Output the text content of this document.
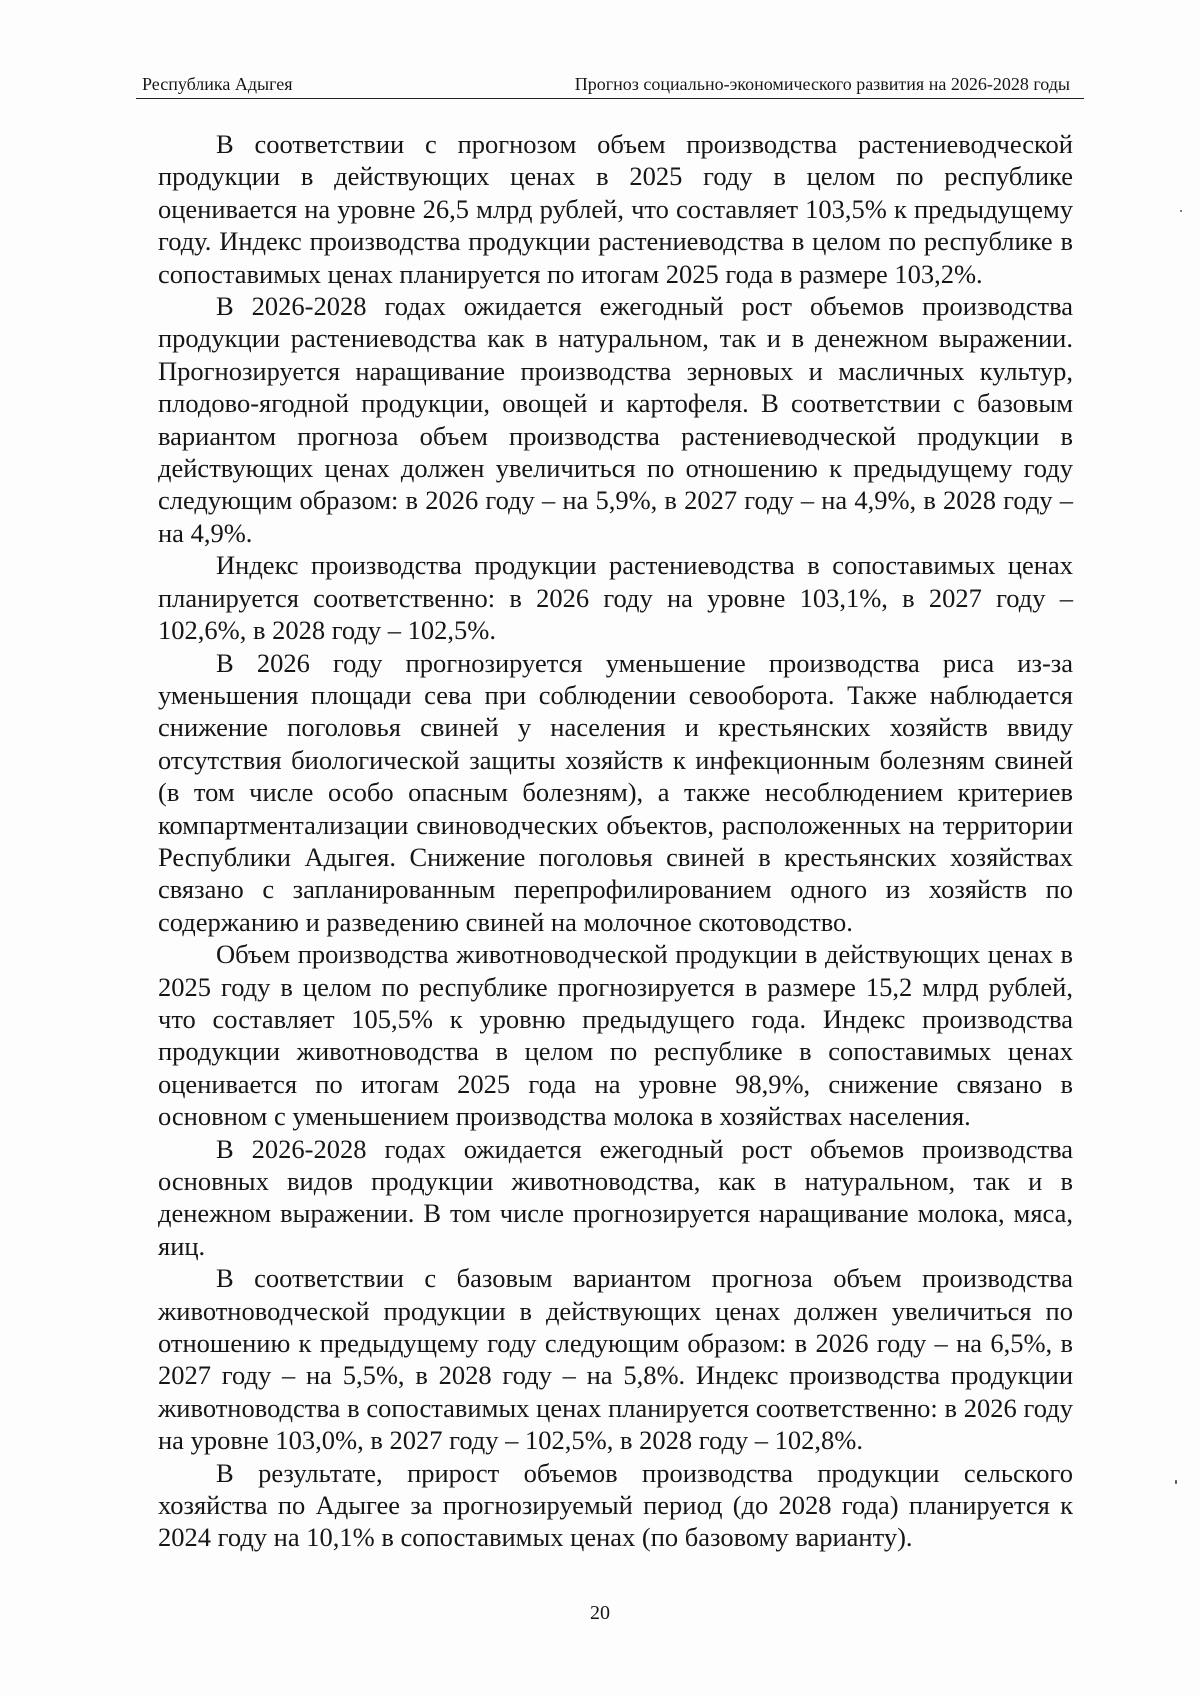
Республика Адыгея	Прогноз социально-экономического развития на 2026-2028 годы

В соответствии с прогнозом объем производства растениеводческой продукции в действующих ценах в 2025 году в целом по республике оценивается на уровне 26,5 млрд рублей, что составляет 103,5% к предыдущему году. Индекс производства продукции растениеводства в целом по республике в сопоставимых ценах планируется по итогам 2025 года в размере 103,2%.

В 2026-2028 годах ожидается ежегодный рост объемов производства продукции растениеводства как в натуральном, так и в денежном выражении. Прогнозируется наращивание производства зерновых и масличных культур, плодово-ягодной продукции, овощей и картофеля. В соответствии с базовым вариантом прогноза объем производства растениеводческой продукции в действующих ценах должен увеличиться по отношению к предыдущему году следующим образом: в 2026 году – на 5,9%, в 2027 году – на 4,9%, в 2028 году – на 4,9%.

Индекс производства продукции растениеводства в сопоставимых ценах планируется соответственно: в 2026 году на уровне 103,1%, в 2027 году – 102,6%, в 2028 году – 102,5%.

В 2026 году прогнозируется уменьшение производства риса из-за уменьшения площади сева при соблюдении севооборота. Также наблюдается снижение поголовья свиней у населения и крестьянских хозяйств ввиду отсутствия биологической защиты хозяйств к инфекционным болезням свиней (в том числе особо опасным болезням), а также несоблюдением критериев компартментализации свиноводческих объектов, расположенных на территории Республики Адыгея. Снижение поголовья свиней в крестьянских хозяйствах связано с запланированным перепрофилированием одного из хозяйств по содержанию и разведению свиней на молочное скотоводство.

Объем производства животноводческой продукции в действующих ценах в 2025 году в целом по республике прогнозируется в размере 15,2 млрд рублей, что составляет 105,5% к уровню предыдущего года. Индекс производства продукции животноводства в целом по республике в сопоставимых ценах оценивается по итогам 2025 года на уровне 98,9%, снижение связано в основном с уменьшением производства молока в хозяйствах населения.

В 2026-2028 годах ожидается ежегодный рост объемов производства основных видов продукции животноводства, как в натуральном, так и в денежном выражении. В том числе прогнозируется наращивание молока, мяса, яиц.

В соответствии с базовым вариантом прогноза объем производства животноводческой продукции в действующих ценах должен увеличиться по отношению к предыдущему году следующим образом: в 2026 году – на 6,5%, в 2027 году – на 5,5%, в 2028 году – на 5,8%. Индекс производства продукции животноводства в сопоставимых ценах планируется соответственно: в 2026 году на уровне 103,0%, в 2027 году – 102,5%, в 2028 году – 102,8%.

В результате, прирост объемов производства продукции сельского хозяйства по Адыгее за прогнозируемый период (до 2028 года) планируется к 2024 году на 10,1% в сопоставимых ценах (по базовому варианту).

20
